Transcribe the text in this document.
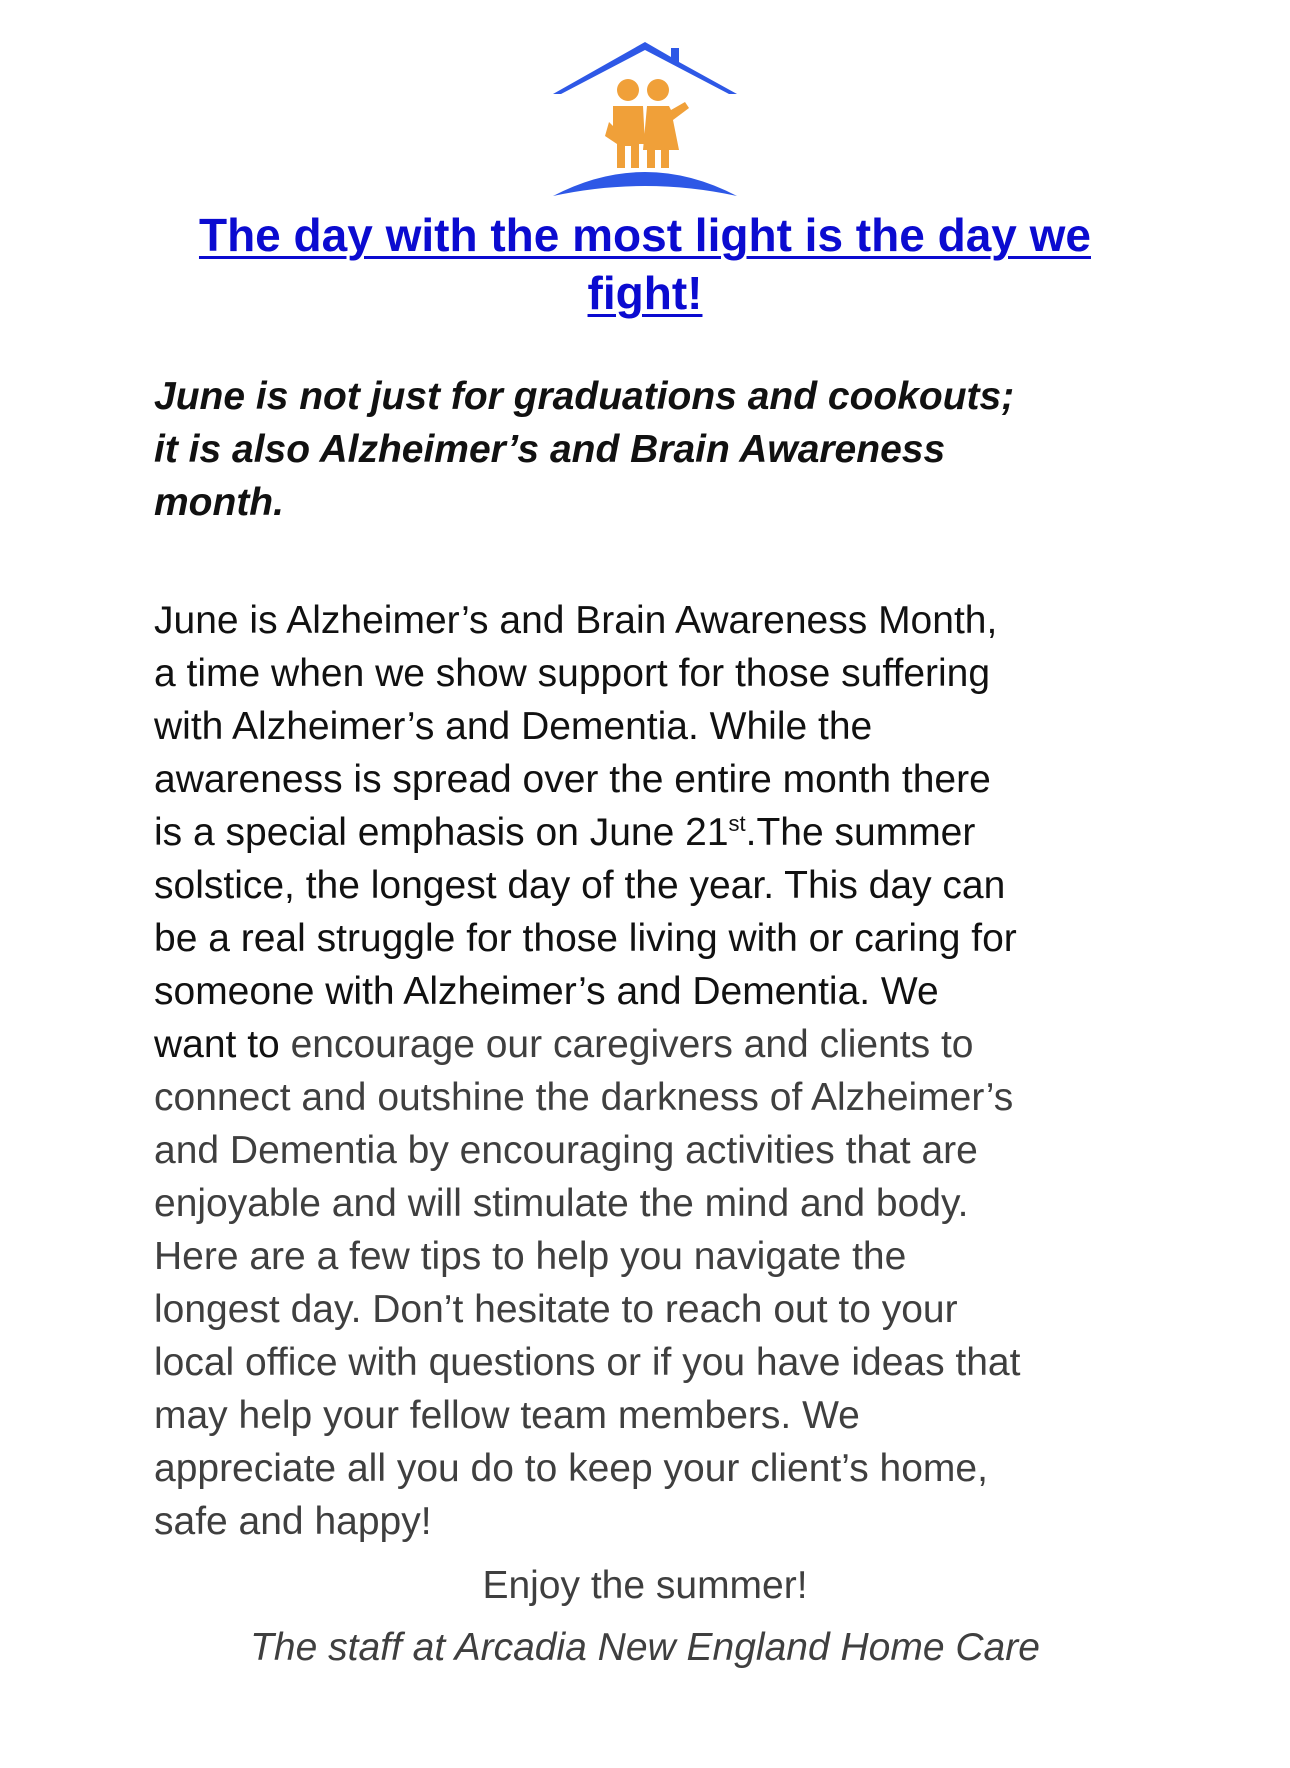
The day with the most light is the day we fight!

June is not just for graduations and cookouts;
it is also Alzheimer’s and Brain Awareness
month.

June is Alzheimer’s and Brain Awareness Month,
a time when we show support for those suffering
with Alzheimer’s and Dementia. While the
awareness is spread over the entire month there
is a special emphasis on June 21st.The summer
solstice, the longest day of the year. This day can
be a real struggle for those living with or caring for
someone with Alzheimer’s and Dementia. We
want to encourage our caregivers and clients to
connect and outshine the darkness of Alzheimer’s
and Dementia by encouraging activities that are
enjoyable and will stimulate the mind and body.
Here are a few tips to help you navigate the
longest day. Don’t hesitate to reach out to your
local office with questions or if you have ideas that
may help your fellow team members. We
appreciate all you do to keep your client’s home,
safe and happy!

Enjoy the summer!

The staff at Arcadia New England Home Care
